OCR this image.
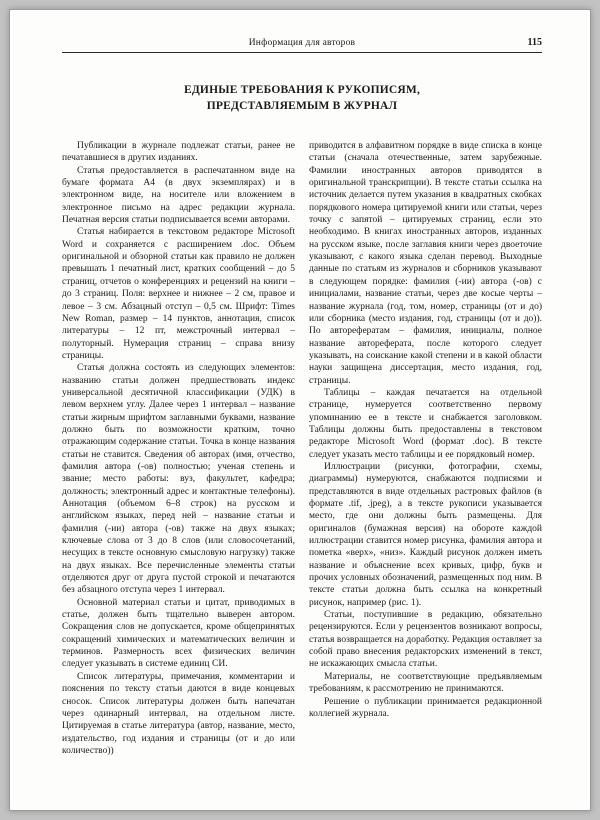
Информация для авторов	115
ЕДИНЫЕ ТРЕБОВАНИЯ К РУКОПИСЯМ,
ПРЕДСТАВЛЯЕМЫМ В ЖУРНАЛ

Публикации в журнале подлежат статьи, ранее не печатавшиеся в других изданиях.

Статья предоставляется в распечатанном виде на бумаге формата А4 (в двух экземплярах) и в электронном виде, на носителе или вложением в электронное письмо на адрес редакции журнала. Печатная версия статьи подписывается всеми авторами.

Статья набирается в текстовом редакторе Microsoft Word и сохраняется с расширением .doc. Объем оригинальной и обзорной статьи как правило не должен превышать 1 печатный лист, кратких сообщений – до 5 страниц, отчетов о конференциях и рецензий на книги – до 3 страниц. Поля: верхнее и нижнее – 2 см, правое и левое – 3 см. Абзацный отступ – 0,5 см. Шрифт: Times New Roman, размер – 14 пунктов, аннотация, список литературы – 12 пт, межстрочный интервал – полуторный. Нумерация страниц – справа внизу страницы.

Статья должна состоять из следующих элементов: названию статьи должен предшествовать индекс универсальной десятичной классификации (УДК) в левом верхнем углу. Далее через 1 интервал – название статьи жирным шрифтом заглавными буквами, название должно быть по возможности кратким, точно отражающим содержание статьи. Точка в конце названия статьи не ставится. Сведения об авторах (имя, отчество, фамилия автора (-ов) полностью; ученая степень и звание; место работы: вуз, факультет, кафедра; должность; электронный адрес и контактные телефоны). Аннотация (объемом 6–8 строк) на русском и английском языках, перед ней – название статьи и фамилия (-ии) автора (-ов) также на двух языках; ключевые слова от 3 до 8 слов (или словосочетаний, несущих в тексте основную смысловую нагрузку) также на двух языках. Все перечисленные элементы статьи отделяются друг от друга пустой строкой и печатаются без абзацного отступа через 1 интервал.

Основной материал статьи и цитат, приводимых в статье, должен быть тщательно выверен автором. Сокращения слов не допускается, кроме общепринятых сокращений химических и математических величин и терминов. Размерность всех физических величин следует указывать в системе единиц СИ.

Список литературы, примечания, комментарии и пояснения по тексту статьи даются в виде концевых сносок. Список литературы должен быть напечатан через одинарный интервал, на отдельном листе. Цитируемая в статье литература (автор, название, место, издательство, год издания и страницы (от и до или количество))

приводится в алфавитном порядке в виде списка в конце статьи (сначала отечественные, затем зарубежные. Фамилии иностранных авторов приводятся в оригинальной транскрипции). В тексте статьи ссылка на источник делается путем указания в квадратных скобках порядкового номера цитируемой книги или статьи, через точку с запятой – цитируемых страниц, если это необходимо. В книгах иностранных авторов, изданных на русском языке, после заглавия книги через двоеточие указывают, с какого языка сделан перевод. Выходные данные по статьям из журналов и сборников указывают в следующем порядке: фамилия (-ии) автора (-ов) с инициалами, название статьи, через две косые черты – название журнала (год, том, номер, страницы (от и до) или сборника (место издания, год, страницы (от и до)). По авторефератам – фамилия, инициалы, полное название автореферата, после которого следует указывать, на соискание какой степени и в какой области науки защищена диссертация, место издания, год, страницы.

Таблицы – каждая печатается на отдельной странице, нумеруется соответственно первому упоминанию ее в тексте и снабжается заголовком. Таблицы должны быть предоставлены в текстовом редакторе Microsoft Word (формат .doc). В тексте следует указать место таблицы и ее порядковый номер.

Иллюстрации (рисунки, фотографии, схемы, диаграммы) нумеруются, снабжаются подписями и представляются в виде отдельных растровых файлов (в формате .tif, .jpeg), а в тексте рукописи указывается место, где они должны быть размещены. Для оригиналов (бумажная версия) на обороте каждой иллюстрации ставится номер рисунка, фамилия автора и пометка «верх», «низ». Каждый рисунок должен иметь название и объяснение всех кривых, цифр, букв и прочих условных обозначений, размещенных под ним. В тексте статьи должна быть ссылка на конкретный рисунок, например (рис. 1).

Статьи, поступившие в редакцию, обязательно рецензируются. Если у рецензентов возникают вопросы, статья возвращается на доработку. Редакция оставляет за собой право внесения редакторских изменений в текст, не искажающих смысла статьи.

Материалы, не соответствующие предъявляемым требованиям, к рассмотрению не принимаются.

Решение о публикации принимается редакционной коллегией журнала.
